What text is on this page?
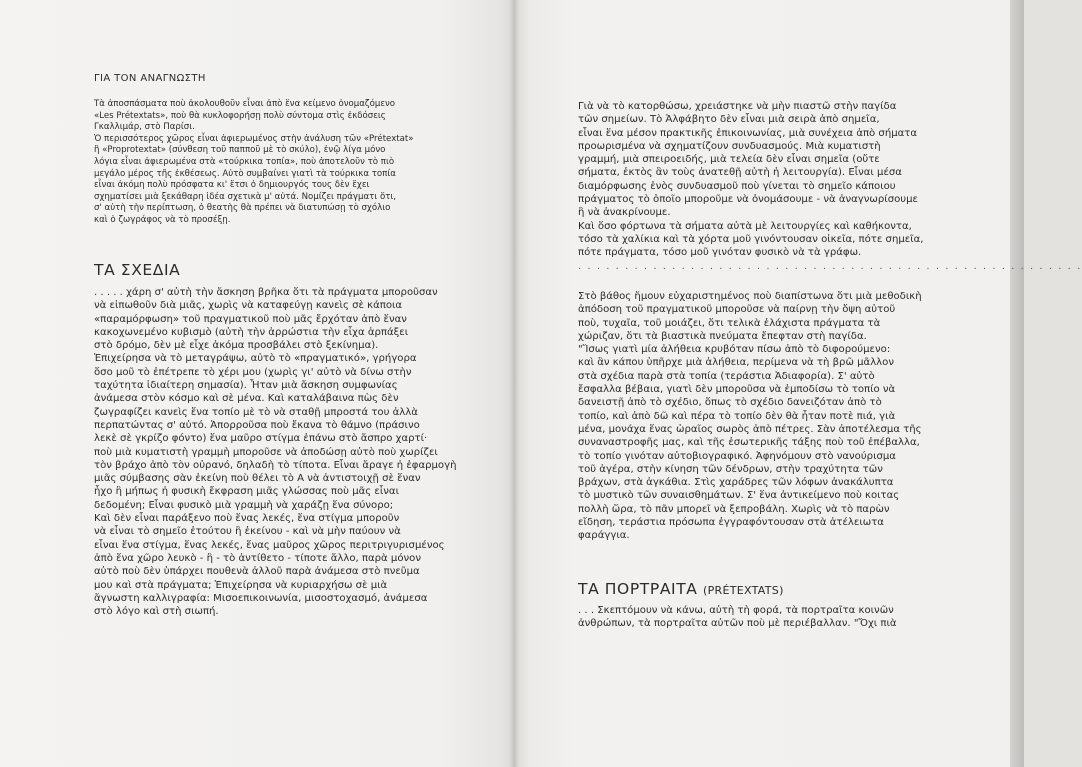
ΓΙΑ ΤΟΝ ΑΝΑΓΝΩΣΤΗ
Τὰ ἀποσπάσματα ποὺ ἀκολουθοῦν εἶναι ἀπὸ ἕνα κείμενο ὀνομαζόμενο
«Les Prétextats», ποὺ θὰ κυκλοφορήσῃ πολὺ σύντομα στὶς ἐκδόσεις
Γκαλλιμάρ, στὸ Παρίσι.
Ὁ περισσότερος χῶρος εἶναι ἀφιερωμένος στὴν ἀνάλυση τῶν «Prétextat»
ἢ «Proprotextat» (σύνθεση τοῦ παπποῦ μὲ τὸ σκύλο), ἐνῷ λίγα μόνο
λόγια εἶναι ἀφιερωμένα στὰ «τούρκικα τοπία», ποὺ ἀποτελοῦν τὸ πιὸ
μεγάλο μέρος τῆς ἐκθέσεως. Αὐτὸ συμβαίνει γιατὶ τὰ τούρκικα τοπία
εἶναι ἀκόμη πολὺ πρόσφατα κι' ἔτσι ὁ δημιουργός τους δὲν ἔχει
σχηματίσει μιὰ ξεκάθαρη ἰδέα σχετικὰ μ' αὐτά. Νομίζει πράγματι ὅτι,
σ' αὐτὴ τὴν περίπτωση, ὁ θεατὴς θὰ πρέπει νὰ διατυπώσῃ τὸ σχόλιο
καὶ ὁ ζωγράφος νὰ τὸ προσέξῃ.
ΤΑ ΣΧΕΔΙΑ
. . . . . χάρη σ' αὐτὴ τὴν ἄσκηση βρῆκα ὅτι τὰ πράγματα μποροῦσαν
νὰ εἰπωθοῦν διὰ μιᾶς, χωρὶς νὰ καταφεύγῃ κανεὶς σὲ κάποια
«παραμόρφωση» τοῦ πραγματικοῦ ποὺ μᾶς ἔρχόταν ἀπὸ ἕναν
κακοχωνεμένο κυβισμὸ (αὐτὴ τὴν ἀρρώστια τὴν εἶχα ἁρπάξει
στὸ δρόμο, δὲν μὲ εἶχε ἀκόμα προσβάλει στὸ ξεκίνημα).
Ἐπιχείρησα νὰ τὸ μεταγράψω, αὐτὸ τὸ «πραγματικό», γρήγορα
ὅσο μοῦ τὸ ἐπέτρεπε τὸ χέρι μου (χωρὶς γι' αὐτὸ νὰ δίνω στὴν
ταχύτητα ἰδιαίτερη σημασία). Ἦταν μιὰ ἄσκηση συμφωνίας
ἀνάμεσα στὸν κόσμο καὶ σὲ μένα. Καὶ καταλάβαινα πὼς δὲν
ζωγραφίζει κανεὶς ἕνα τοπίο μὲ τὸ νὰ σταθῇ μπροστά του ἀλλὰ
περπατώντας σ' αὐτό. Ἀπορροῦσα ποὺ ἔκανα τὸ θάμνο (πράσινο
λεκὲ σὲ γκρίζο φόντο) ἕνα μαῦρο στίγμα ἐπάνω στὸ ἄσπρο χαρτί·
ποὺ μιὰ κυματιστὴ γραμμὴ μποροῦσε νὰ ἀποδώσῃ αὐτὸ ποὺ χωρίζει
τὸν βράχο ἀπὸ τὸν οὐρανό, δηλαδὴ τὸ τίποτα. Εἶναι ἄραγε ἡ ἐφαρμογὴ
μιᾶς σύμβασης σὰν ἐκείνη ποὺ θέλει τὸ Α νὰ ἀντιστοιχῇ σὲ ἕναν
ἦχο ἢ μήπως ἡ φυσικὴ ἔκφραση μιᾶς γλώσσας ποὺ μᾶς εἶναι
δεδομένη; Εἶναι φυσικὸ μιὰ γραμμὴ νὰ χαράζῃ ἕνα σύνορο;
Καὶ δὲν εἶναι παράξενο ποὺ ἕνας λεκές, ἕνα στίγμα μποροῦν
νὰ εἶναι τὸ σημεῖο ἐτούτου ἢ ἐκείνου - καὶ νὰ μὴν παύουν νὰ
εἶναι ἕνα στίγμα, ἕνας λεκές, ἕνας μαῦρος χῶρος περιτριγυρισμένος
ἀπὸ ἕνα χῶρο λευκὸ - ἢ - τὸ ἀντίθετο - τίποτε ἄλλο, παρὰ μόνον
αὐτὸ ποὺ δὲν ὑπάρχει πουθενὰ ἀλλοῦ παρὰ ἀνάμεσα στὸ πνεῦμα
μου καὶ στὰ πράγματα; Ἐπιχείρησα νὰ κυριαρχήσω σὲ μιὰ
ἄγνωστη καλλιγραφία: Μισοεπικοινωνία, μισοστοχασμό, ἀνάμεσα
στὸ λόγο καὶ στὴ σιωπή.
Γιὰ νὰ τὸ κατορθώσω, χρειάστηκε νὰ μὴν πιαστῶ στὴν παγίδα
τῶν σημείων. Τὸ Ἀλφάβητο δὲν εἶναι μιὰ σειρὰ ἀπὸ σημεῖα,
εἶναι ἕνα μέσον πρακτικῆς ἐπικοινωνίας, μιὰ συνέχεια ἀπὸ σήματα
προωρισμένα νὰ σχηματίζουν συνδυασμούς. Μιὰ κυματιστὴ
γραμμή, μιὰ σπειροειδής, μιὰ τελεία δὲν εἶναι σημεῖα (οὔτε
σήματα, ἐκτὸς ἂν τοὺς ἀνατεθῇ αὐτὴ ἡ λειτουργία). Εἶναι μέσα
διαμόρφωσης ἑνὸς συνδυασμοῦ ποὺ γίνεται τὸ σημεῖο κάποιου
πράγματος τὸ ὁποῖο μποροῦμε νὰ ὀνομάσουμε - νὰ ἀναγνωρίσουμε
ἢ νὰ ἀνακρίνουμε.
Καὶ ὅσο φόρτωνα τὰ σήματα αὐτὰ μὲ λειτουργίες καὶ καθήκοντα,
τόσο τὰ χαλίκια καὶ τὰ χόρτα μοῦ γινόντουσαν οἰκεῖα, πότε σημεῖα,
πότε πράγματα, τόσο μοῦ γινόταν φυσικὸ νὰ τὰ γράφω.
. . . . . . . . . . . . . . . . . . . . . . . . . . . . . . . . . . . . . . . . . . . . . . . . . . . . . .
Στὸ βάθος ἤμουν εὐχαριστημένος ποὺ διαπίστωνα ὅτι μιὰ μεθοδικὴ
ἀπόδοση τοῦ πραγματικοῦ μποροῦσε νὰ παίρνῃ τὴν ὄψη αὐτοῦ
ποὺ, τυχαῖα, τοῦ μοιάζει, ὅτι τελικὰ ἐλάχιστα πράγματα τὰ
χώριζαν, ὅτι τὰ βιαστικὰ πνεύματα ἔπεφταν στὴ παγίδα.
"Ἴσως γιατὶ μία ἀλήθεια κρυβόταν πίσω ἀπὸ τὸ διφορούμενο:
καὶ ἂν κάπου ὑπῆρχε μιὰ ἀλήθεια, περίμενα νὰ τὴ βρῶ μᾶλλον
στὰ σχέδια παρὰ στὰ τοπία (τεράστια Ἀδιαφορία). Σ' αὐτὸ
ἔσφαλλα βέβαια, γιατὶ δὲν μποροῦσα νὰ ἐμποδίσω τὸ τοπίο νὰ
δανειστῇ ἀπὸ τὸ σχέδιο, ὅπως τὸ σχέδιο δανειζόταν ἀπὸ τὸ
τοπίο, καὶ ἀπὸ δῶ καὶ πέρα τὸ τοπίο δὲν θὰ ἦταν ποτὲ πιά, γιὰ
μένα, μονάχα ἕνας ὡραῖος σωρὸς ἀπὸ πέτρες. Σὰν ἀποτέλεσμα τῆς
συναναστροφῆς μας, καὶ τῆς ἐσωτερικῆς τάξης ποὺ τοῦ ἐπέβαλλα,
τὸ τοπίο γινόταν αὐτοβιογραφικό. Ἀφηνόμουν στὸ νανούρισμα
τοῦ ἀγέρα, στὴν κίνηση τῶν δένδρων, στὴν τραχύτητα τῶν
βράχων, στὰ ἀγκάθια. Στὶς χαράδρες τῶν λόφων ἀνακάλυπτα
τὸ μυστικὸ τῶν συναισθημάτων. Σ' ἕνα ἀντικείμενο ποὺ κοιτας
πολλὴ ὥρα, τὸ πᾶν μπορεῖ νὰ ξεπροβάλη. Χωρὶς νὰ τὸ παρὼν
εἴδηση, τεράστια πρόσωπα ἐγγραφόντουσαν στὰ ἀτέλειωτα
φαράγγια.
ΤΑ ΠΟΡΤΡΑΙΤΑ (PRÉTEXTATS)
. . . Σκεπτόμουν νὰ κάνω, αὐτὴ τὴ φορά, τὰ πορτραῖτα κοινῶν
ἀνθρώπων, τὰ πορτραῖτα αὐτῶν ποὺ μὲ περιέβαλλαν. "Ὄχι πιὰ
